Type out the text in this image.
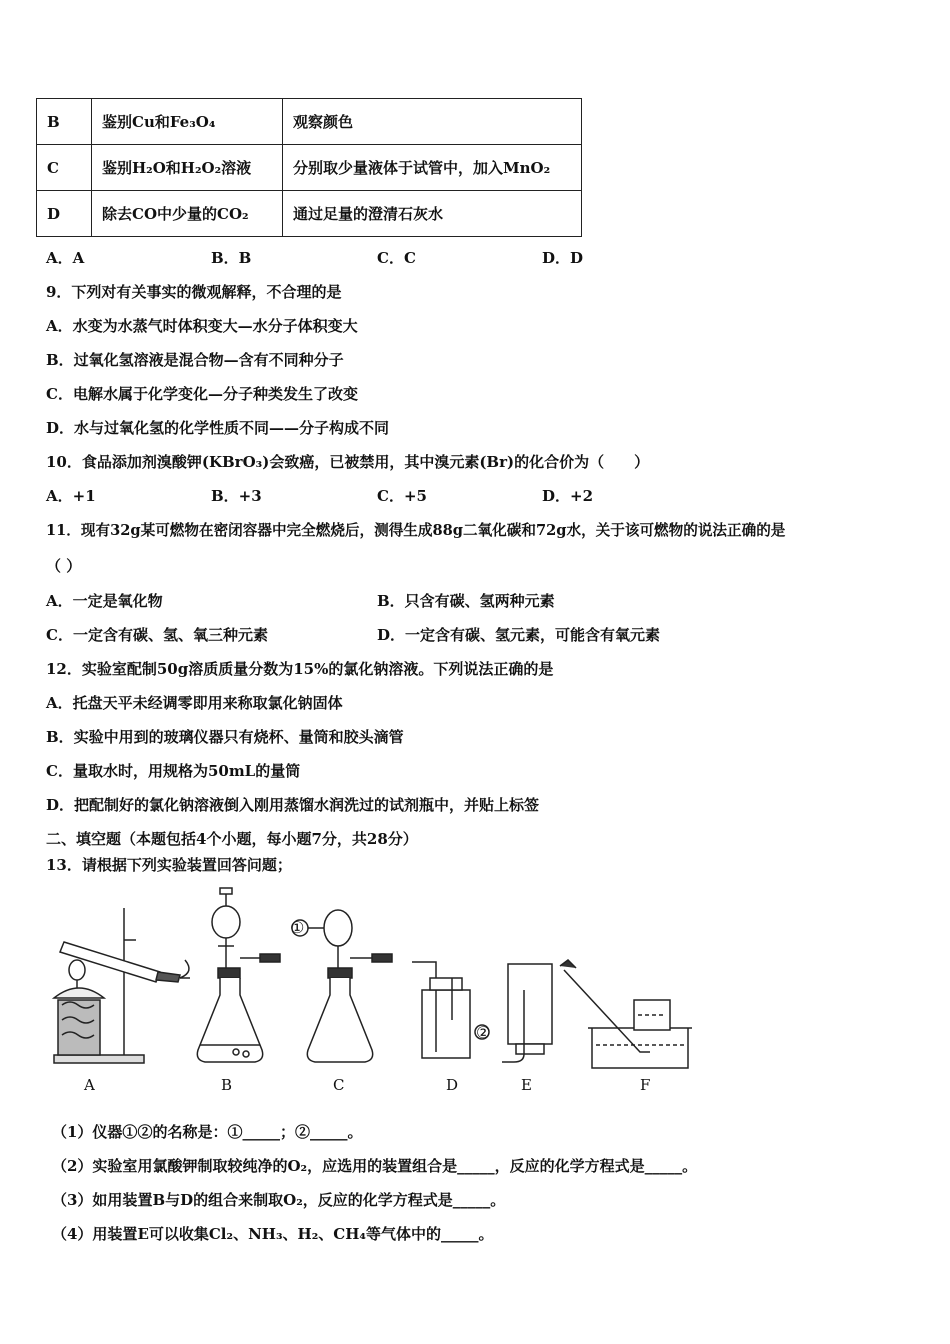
B	鉴别Cu和Fe₃O₄	观察颜色
C	鉴别H₂O和H₂O₂溶液	分别取少量液体于试管中，加入MnO₂
D	除去CO中少量的CO₂	通过足量的澄清石灰水
A．A	B．B	C．C	D．D
9．下列对有关事实的微观解释，不合理的是
A．水变为水蒸气时体积变大—水分子体积变大
B．过氧化氢溶液是混合物—含有不同种分子
C．电解水属于化学变化—分子种类发生了改变
D．水与过氧化氢的化学性质不同——分子构成不同
10．食品添加剂溴酸钾(KBrO₃)会致癌，已被禁用，其中溴元素(Br)的化合价为（　　）
A．+1	B．+3	C．+5	D．+2
11．现有32g某可燃物在密闭容器中完全燃烧后，测得生成88g二氧化碳和72g水，关于该可燃物的说法正确的是
（ ）
A．一定是氧化物	B．只含有碳、氢两种元素
C．一定含有碳、氢、氧三种元素	D．一定含有碳、氢元素，可能含有氧元素
12．实验室配制50g溶质质量分数为15%的氯化钠溶液。下列说法正确的是
A．托盘天平未经调零即用来称取氯化钠固体
B．实验中用到的玻璃仪器只有烧杯、量筒和胶头滴管
C．量取水时，用规格为50mL的量筒
D．把配制好的氯化钠溶液倒入刚用蒸馏水润洗过的试剂瓶中，并贴上标签
二、填空题（本题包括4个小题，每小题7分，共28分）
13．请根据下列实验装置回答问题；
①
②
A	B	C	D	E	F
（1）仪器①②的名称是：①_____；②_____。
（2）实验室用氯酸钾制取较纯净的O₂，应选用的装置组合是_____，反应的化学方程式是_____。
（3）如用装置B与D的组合来制取O₂，反应的化学方程式是_____。
（4）用装置E可以收集Cl₂、NH₃、H₂、CH₄等气体中的_____。
